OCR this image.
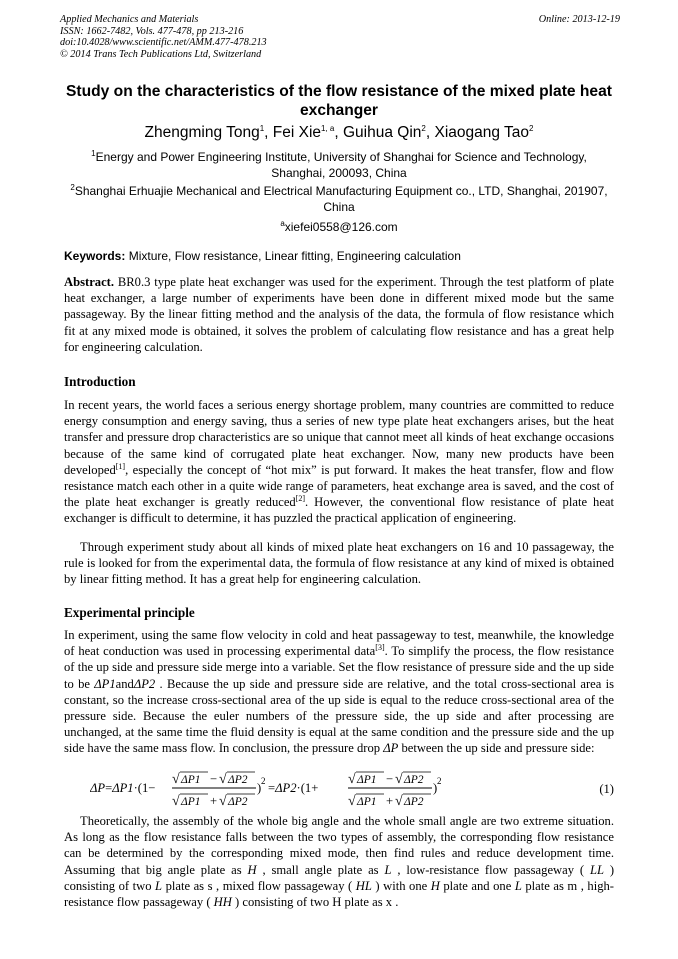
Applied Mechanics and Materials
ISSN: 1662-7482, Vols. 477-478, pp 213-216
doi:10.4028/www.scientific.net/AMM.477-478.213
© 2014 Trans Tech Publications Ltd, Switzerland
Online: 2013-12-19
Study on the characteristics of the flow resistance of the mixed plate heat exchanger
Zhengming Tong$^1$, Fei Xie$^{1, a}$, Guihua Qin$^2$, Xiaogang Tao$^2$
$^1$Energy and Power Engineering Institute, University of Shanghai for Science and Technology, Shanghai, 200093, China
$^2$Shanghai Erhuajie Mechanical and Electrical Manufacturing Equipment co., LTD, Shanghai, 201907, China
$^a$xiefei0558@126.com
Keywords: Mixture, Flow resistance, Linear fitting, Engineering calculation
Abstract. BR0.3 type plate heat exchanger was used for the experiment. Through the test platform of plate heat exchanger, a large number of experiments have been done in different mixed mode but the same passageway. By the linear fitting method and the analysis of the data, the formula of flow resistance which fit at any mixed mode is obtained, it solves the problem of calculating flow resistance and has a great help for engineering calculation.
Introduction
In recent years, the world faces a serious energy shortage problem, many countries are committed to reduce energy consumption and energy saving, thus a series of new type plate heat exchangers arises, but the heat transfer and pressure drop characteristics are so unique that cannot meet all kinds of heat exchange occasions because of the same kind of corrugated plate heat exchanger. Now, many new products have been developed[1], especially the concept of “hot mix” is put forward. It makes the heat transfer, flow and flow resistance match each other in a quite wide range of parameters, heat exchange area is saved, and the cost of the plate heat exchanger is greatly reduced[2]. However, the conventional flow resistance of plate heat exchanger is difficult to determine, it has puzzled the practical application of engineering.
Through experiment study about all kinds of mixed plate heat exchangers on 16 and 10 passageway, the rule is looked for from the experimental data, the formula of flow resistance at any kind of mixed is obtained by linear fitting method. It has a great help for engineering calculation.
Experimental principle
In experiment, using the same flow velocity in cold and heat passageway to test, meanwhile, the knowledge of heat conduction was used in processing experimental data[3]. To simplify the process, the flow resistance of the up side and pressure side merge into a variable. Set the flow resistance of pressure side and the up side to be ΔP1andΔP2 . Because the up side and pressure side are relative, and the total cross-sectional area is constant, so the increase cross-sectional area of the up side is equal to the reduce cross-sectional area of the pressure side. Because the euler numbers of the pressure side, the up side and after processing are unchanged, at the same time the fluid density is equal at the same condition and the pressure side and the up side have the same mass flow. In conclusion, the pressure drop ΔP between the up side and pressure side:
ΔP=ΔP1·(1−
√ ΔP1 − √ ΔP2
√ ΔP1 + √ ΔP2
) 2 =ΔP2·(1+
√ ΔP1 − √ ΔP2
√ ΔP1 + √ ΔP2
) 2
(1)
Theoretically, the assembly of the whole big angle and the whole small angle are two extreme situation. As long as the flow resistance falls between the two types of assembly, the corresponding flow resistance can be determined by the corresponding mixed mode, then find rules and reduce development time. Assuming that big angle plate as H , small angle plate as L , low-resistance flow passageway ( LL ) consisting of two L plate as s , mixed flow passageway ( HL ) with one H plate and one L plate as m , high-resistance flow passageway ( HH ) consisting of two H plate as x .
